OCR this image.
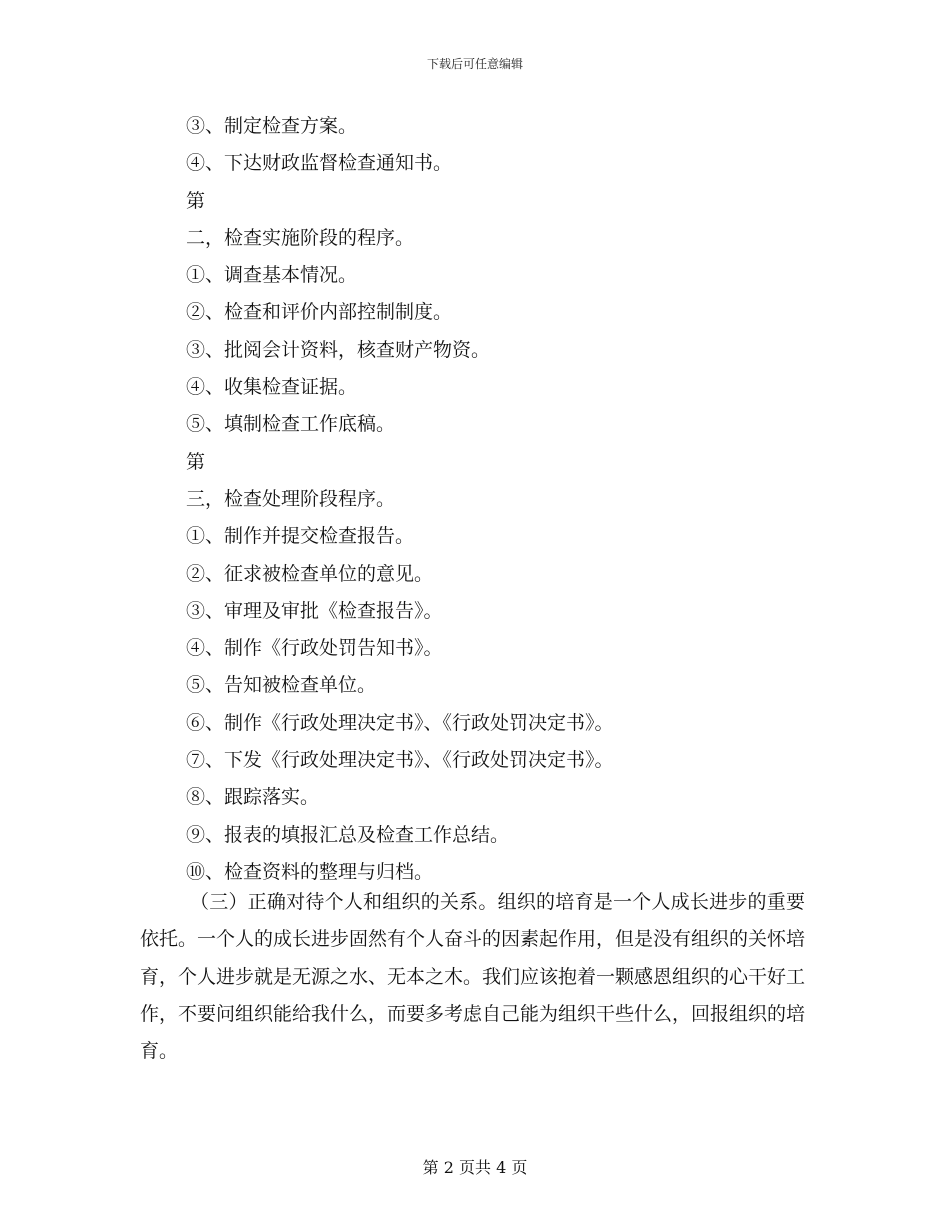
下载后可任意编辑
③、制定检查方案。
④、下达财政监督检查通知书。
第
二，检查实施阶段的程序。
①、调查基本情况。
②、检查和评价内部控制制度。
③、批阅会计资料，核查财产物资。
④、收集检查证据。
⑤、填制检查工作底稿。
第
三，检查处理阶段程序。
①、制作并提交检查报告。
②、征求被检查单位的意见。
③、审理及审批《检查报告》。
④、制作《行政处罚告知书》。
⑤、告知被检查单位。
⑥、制作《行政处理决定书》、《行政处罚决定书》。
⑦、下发《行政处理决定书》、《行政处罚决定书》。
⑧、跟踪落实。
⑨、报表的填报汇总及检查工作总结。
⑩、检查资料的整理与归档。
（三）正确对待个人和组织的关系。组织的培育是一个人成长进步的重要依托。一个人的成长进步固然有个人奋斗的因素起作用，但是没有组织的关怀培育，个人进步就是无源之水、无本之木。我们应该抱着一颗感恩组织的心干好工作，不要问组织能给我什么，而要多考虑自己能为组织干些什么，回报组织的培育。
第 2 页共 4 页
